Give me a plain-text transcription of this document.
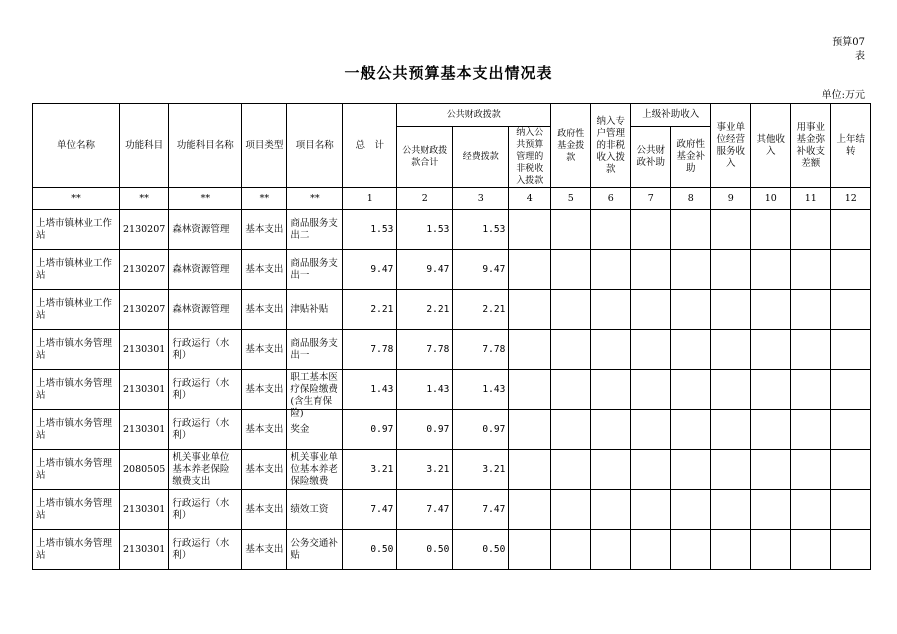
预算07
表
一般公共预算基本支出情况表
单位:万元
单位名称	功能科目	功能科目名称	项目类型	项目名称	总　计	公共财政拨款			政府性基金拨款	纳入专户管理的非税收入拨款	上级补助收入		事业单位经营服务收入	其他收入	用事业基金弥补收支差额	上年结转
						公共财政拨款合计	经费拨款	纳入公共预算管理的非税收入拨款			公共财政补助	政府性基金补助				
**	**	**	**	**	1	2	3	4	5	6	7	8	9	10	11	12

上塔市镇林业工作站	2130207	森林资源管理	基本支出	商品服务支出二	1.53	1.53	1.53									

上塔市镇林业工作站	2130207	森林资源管理	基本支出	商品服务支出一	9.47	9.47	9.47									

上塔市镇林业工作站	2130207	森林资源管理	基本支出	津贴补贴	2.21	2.21	2.21									

上塔市镇水务管理站	2130301	行政运行（水利）	基本支出	商品服务支出一	7.78	7.78	7.78									

上塔市镇水务管理站	2130301	行政运行（水利）	基本支出	职工基本医疗保险缴费(含生育保险)	1.43	1.43	1.43									

上塔市镇水务管理站	2130301	行政运行（水利）	基本支出	奖金	0.97	0.97	0.97									

上塔市镇水务管理站	2080505	机关事业单位基本养老保险缴费支出	基本支出	机关事业单位基本养老保险缴费	3.21	3.21	3.21									

上塔市镇水务管理站	2130301	行政运行（水利）	基本支出	绩效工资	7.47	7.47	7.47									

上塔市镇水务管理站	2130301	行政运行（水利）	基本支出	公务交通补贴	0.50	0.50	0.50									
